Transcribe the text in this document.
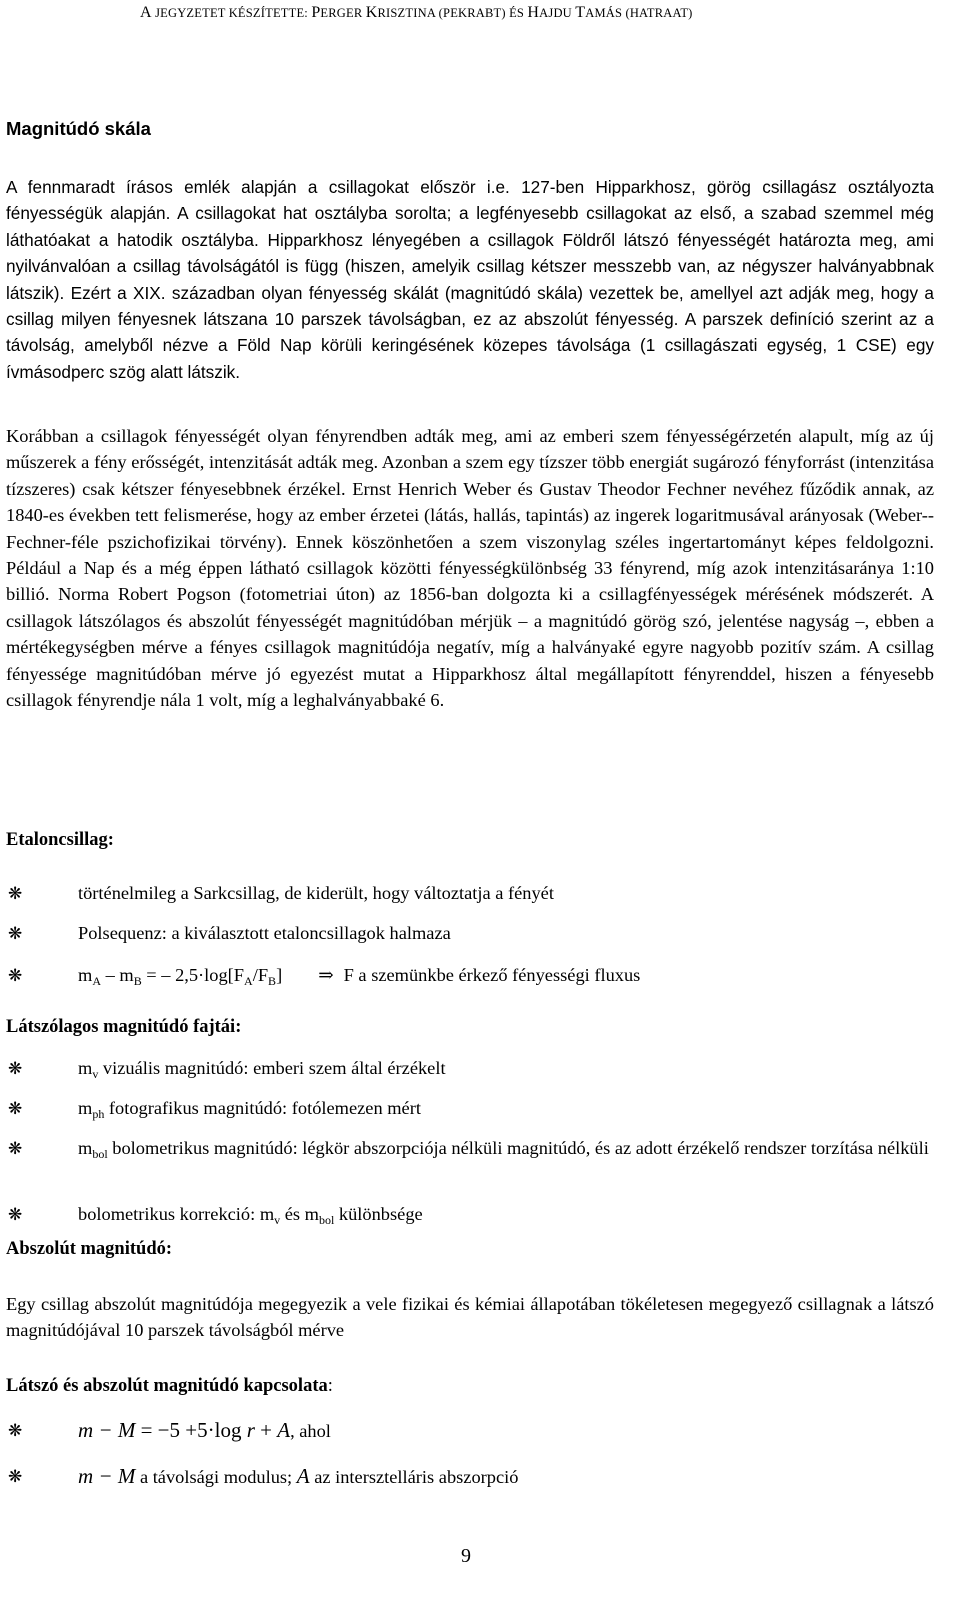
A JEGYZETET KÉSZÍTETTE: PERGER KRISZTINA (PEKRABT) ÉS HAJDU TAMÁS (HATRAAT)
Magnitúdó skála
A fennmaradt írásos emlék alapján a csillagokat először i.e. 127-ben Hipparkhosz, görög csillagász osztályozta fényességük alapján. A csillagokat hat osztályba sorolta; a legfényesebb csillagokat az első, a szabad szemmel még láthatóakat a hatodik osztályba. Hipparkhosz lényegében a csillagok Földről látszó fényességét határozta meg, ami nyilvánvalóan a csillag távolságától is függ (hiszen, amelyik csillag kétszer messzebb van, az négyszer halványabbnak látszik). Ezért a XIX. században olyan fényesség skálát (magnitúdó skála) vezettek be, amellyel azt adják meg, hogy a csillag milyen fényesnek látszana 10 parszek távolságban, ez az abszolút fényesség. A parszek definíció szerint az a távolság, amelyből nézve a Föld Nap körüli keringésének közepes távolsága (1 csillagászati egység, 1 CSE) egy ívmásodperc szög alatt látszik.
Korábban a csillagok fényességét olyan fényrendben adták meg, ami az emberi szem fényességérzetén alapult, míg az új műszerek a fény erősségét, intenzitását adták meg. Azonban a szem egy tízszer több energiát sugározó fényforrást (intenzitása tízszeres) csak kétszer fényesebbnek érzékel. Ernst Henrich Weber és Gustav Theodor Fechner nevéhez fűződik annak, az 1840-es években tett felismerése, hogy az ember érzetei (látás, hallás, tapintás) az ingerek logaritmusával arányosak (Weber--Fechner-féle pszichofizikai törvény). Ennek köszönhetően a szem viszonylag széles ingertartományt képes feldolgozni. Például a Nap és a még éppen látható csillagok közötti fényességkülönbség 33 fényrend, míg azok intenzitásaránya 1:10 billió. Norma Robert Pogson (fotometriai úton) az 1856-ban dolgozta ki a csillagfényességek mérésének módszerét. A csillagok látszólagos és abszolút fényességét magnitúdóban mérjük – a magnitúdó görög szó, jelentése nagyság –, ebben a mértékegységben mérve a fényes csillagok magnitúdója negatív, míg a halványaké egyre nagyobb pozitív szám. A csillag fényessége magnitúdóban mérve jó egyezést mutat a Hipparkhosz által megállapított fényrenddel, hiszen a fényesebb csillagok fényrendje nála 1 volt, míg a leghalványabbaké 6.
Etaloncsillag:
❋	történelmileg a Sarkcsillag, de kiderült, hogy változtatja a fényét
❋	Polsequenz: a kiválasztott etaloncsillagok halmaza
❋	$m_A - m_B$ = – $2,5\cdot\log[F_A/F_B]$ ⇒ F a szemünkbe érkező fényességi fluxus
Látszólagos magnitúdó fajtái:
❋	$m_v$ vizuális magnitúdó: emberi szem által érzékelt
❋	$m_{ph}$ fotografikus magnitúdó: fotólemezen mért
❋	$m_{bol}$ bolometrikus magnitúdó: légkör abszorpciója nélküli magnitúdó, és az adott érzékelő rendszer torzítása nélküli
❋	bolometrikus korrekció: $m_v$ és $m_{bol}$ különbsége
Abszolút magnitúdó:
Egy csillag abszolút magnitúdója megegyezik a vele fizikai és kémiai állapotában tökéletesen megegyező csillagnak a látszó magnitúdójával 10 parszek távolságból mérve
Látszó és abszolút magnitúdó kapcsolata:
❋	m − M = −5 +5·log r + A, ahol
❋	m − M a távolsági modulus; A az intersztelláris abszorpció
9
